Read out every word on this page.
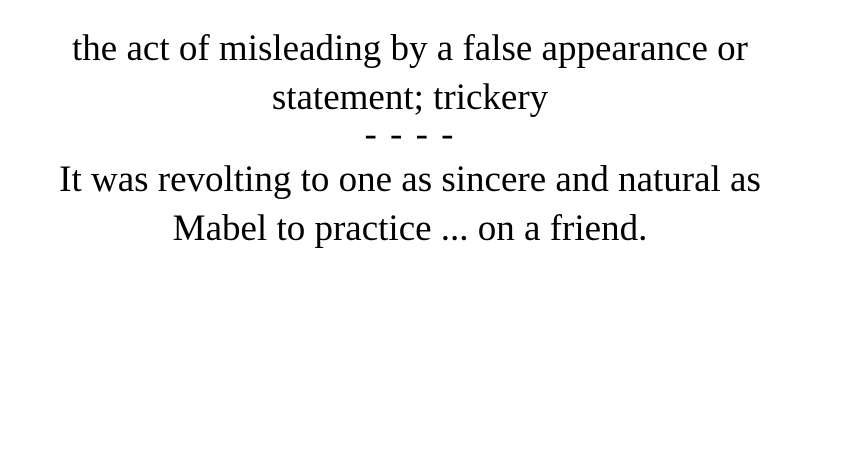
the act of misleading by a false appearance or statement; trickery

- - - -

It was revolting to one as sincere and natural as Mabel to practice ... on a friend.
